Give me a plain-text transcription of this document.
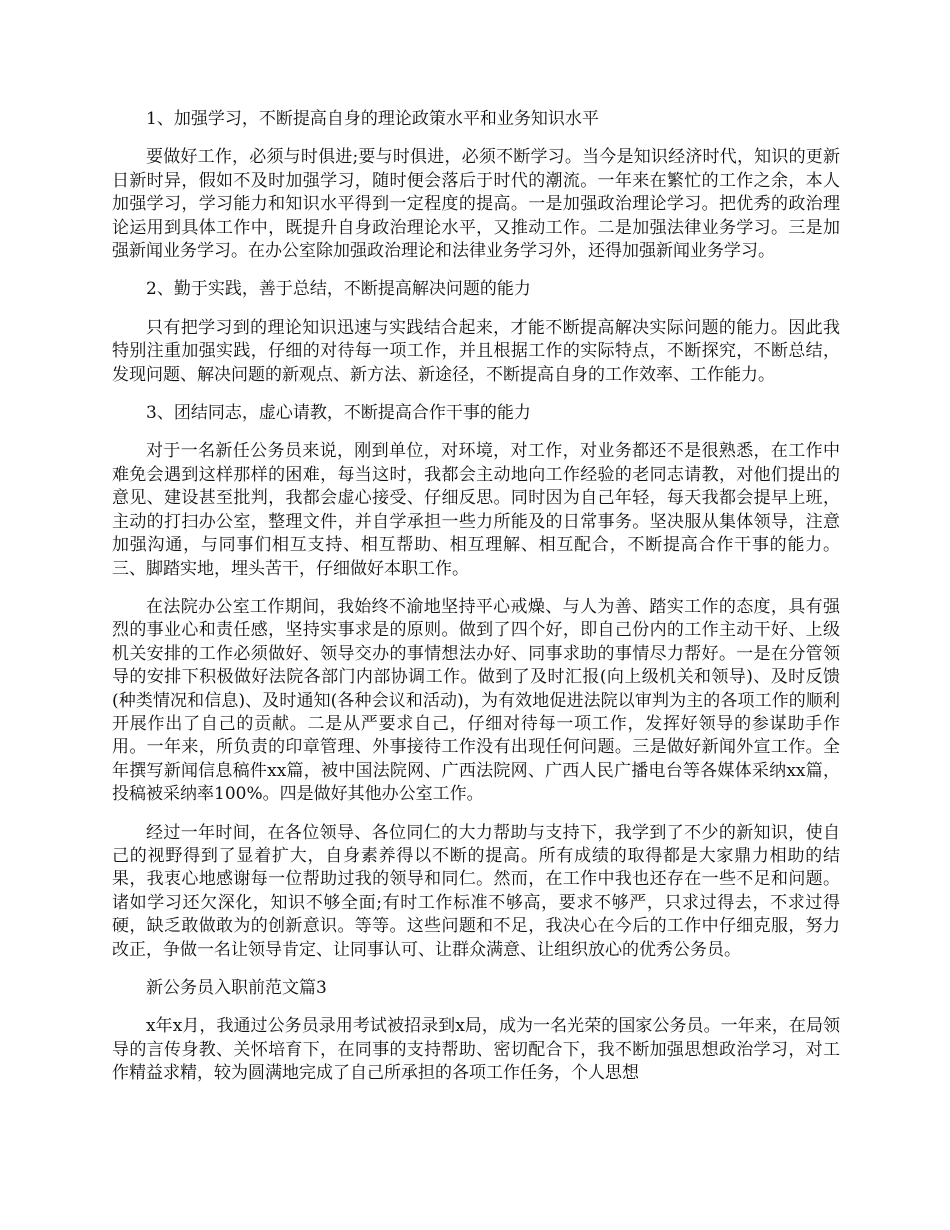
1、加强学习，不断提高自身的理论政策水平和业务知识水平

要做好工作，必须与时俱进;要与时俱进，必须不断学习。当今是知识经济时代，知识的更新日新时异，假如不及时加强学习，随时便会落后于时代的潮流。一年来在繁忙的工作之余，本人加强学习，学习能力和知识水平得到一定程度的提高。一是加强政治理论学习。把优秀的政治理论运用到具体工作中，既提升自身政治理论水平，又推动工作。二是加强法律业务学习。三是加强新闻业务学习。在办公室除加强政治理论和法律业务学习外，还得加强新闻业务学习。

2、勤于实践，善于总结，不断提高解决问题的能力

只有把学习到的理论知识迅速与实践结合起来，才能不断提高解决实际问题的能力。因此我特别注重加强实践，仔细的对待每一项工作，并且根据工作的实际特点，不断探究，不断总结，发现问题、解决问题的新观点、新方法、新途径，不断提高自身的工作效率、工作能力。

3、团结同志，虚心请教，不断提高合作干事的能力

对于一名新任公务员来说，刚到单位，对环境，对工作，对业务都还不是很熟悉，在工作中难免会遇到这样那样的困难，每当这时，我都会主动地向工作经验的老同志请教，对他们提出的意见、建设甚至批判，我都会虚心接受、仔细反思。同时因为自己年轻，每天我都会提早上班，主动的打扫办公室，整理文件，并自学承担一些力所能及的日常事务。坚决服从集体领导，注意加强沟通，与同事们相互支持、相互帮助、相互理解、相互配合，不断提高合作干事的能力。三、脚踏实地，埋头苦干，仔细做好本职工作。

在法院办公室工作期间，我始终不渝地坚持平心戒燥、与人为善、踏实工作的态度，具有强烈的事业心和责任感，坚持实事求是的原则。做到了四个好，即自己份内的工作主动干好、上级机关安排的工作必须做好、领导交办的事情想法办好、同事求助的事情尽力帮好。一是在分管领导的安排下积极做好法院各部门内部协调工作。做到了及时汇报(向上级机关和领导)、及时反馈(种类情况和信息)、及时通知(各种会议和活动)，为有效地促进法院以审判为主的各项工作的顺利开展作出了自己的贡献。二是从严要求自己，仔细对待每一项工作，发挥好领导的参谋助手作用。一年来，所负责的印章管理、外事接待工作没有出现任何问题。三是做好新闻外宣工作。全年撰写新闻信息稿件xx篇，被中国法院网、广西法院网、广西人民广播电台等各媒体采纳xx篇，投稿被采纳率100%。四是做好其他办公室工作。

经过一年时间，在各位领导、各位同仁的大力帮助与支持下，我学到了不少的新知识，使自己的视野得到了显着扩大，自身素养得以不断的提高。所有成绩的取得都是大家鼎力相助的结果，我衷心地感谢每一位帮助过我的领导和同仁。然而，在工作中我也还存在一些不足和问题。诸如学习还欠深化，知识不够全面;有时工作标准不够高，要求不够严，只求过得去，不求过得硬，缺乏敢做敢为的创新意识。等等。这些问题和不足，我决心在今后的工作中仔细克服，努力改正，争做一名让领导肯定、让同事认可、让群众满意、让组织放心的优秀公务员。

新公务员入职前范文篇3

x年x月，我通过公务员录用考试被招录到x局，成为一名光荣的国家公务员。一年来，在局领导的言传身教、关怀培育下，在同事的支持帮助、密切配合下，我不断加强思想政治学习，对工作精益求精，较为圆满地完成了自己所承担的各项工作任务，个人思想
